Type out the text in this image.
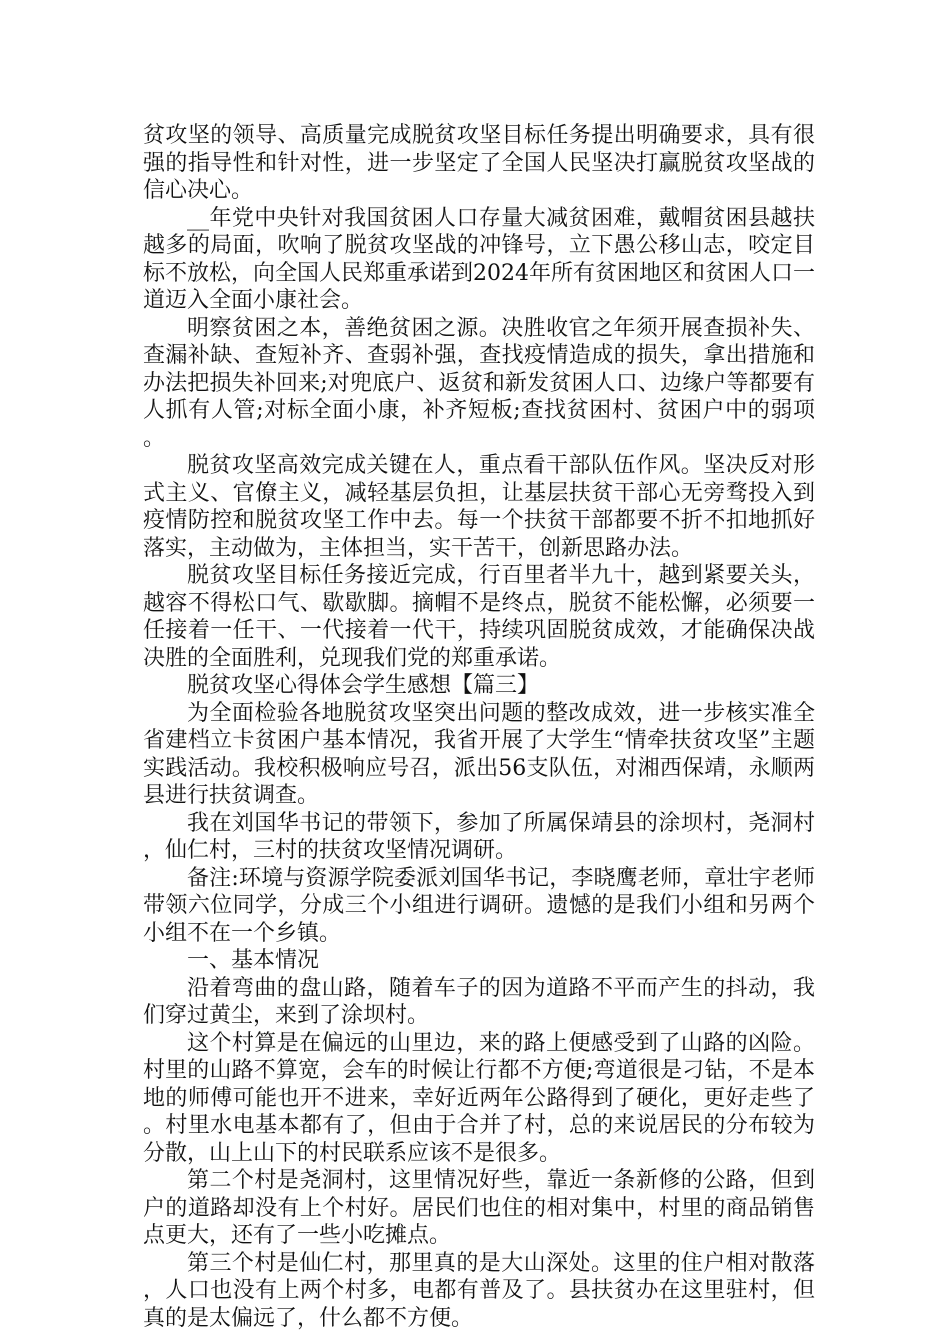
贫攻坚的领导、高质量完成脱贫攻坚目标任务提出明确要求，具有很强的指导性和针对性，进一步坚定了全国人民坚决打赢脱贫攻坚战的信心决心。

__年党中央针对我国贫困人口存量大减贫困难，戴帽贫困县越扶越多的局面，吹响了脱贫攻坚战的冲锋号，立下愚公移山志，咬定目标不放松，向全国人民郑重承诺到2024年所有贫困地区和贫困人口一道迈入全面小康社会。

明察贫困之本，善绝贫困之源。决胜收官之年须开展查损补失、查漏补缺、查短补齐、查弱补强，查找疫情造成的损失，拿出措施和办法把损失补回来;对兜底户、返贫和新发贫困人口、边缘户等都要有人抓有人管;对标全面小康，补齐短板;查找贫困村、贫困户中的弱项。

脱贫攻坚高效完成关键在人，重点看干部队伍作风。坚决反对形式主义、官僚主义，减轻基层负担，让基层扶贫干部心无旁骛投入到疫情防控和脱贫攻坚工作中去。每一个扶贫干部都要不折不扣地抓好落实，主动做为，主体担当，实干苦干，创新思路办法。

脱贫攻坚目标任务接近完成，行百里者半九十，越到紧要关头，越容不得松口气、歇歇脚。摘帽不是终点，脱贫不能松懈，必须要一任接着一任干、一代接着一代干，持续巩固脱贫成效，才能确保决战决胜的全面胜利，兑现我们党的郑重承诺。

脱贫攻坚心得体会学生感想【篇三】

为全面检验各地脱贫攻坚突出问题的整改成效，进一步核实准全省建档立卡贫困户基本情况，我省开展了大学生“情牵扶贫攻坚”主题实践活动。我校积极响应号召，派出56支队伍，对湘西保靖，永顺两县进行扶贫调查。

我在刘国华书记的带领下，参加了所属保靖县的涂坝村，尧洞村，仙仁村，三村的扶贫攻坚情况调研。

备注:环境与资源学院委派刘国华书记，李晓鹰老师，章壮宇老师带领六位同学，分成三个小组进行调研。遗憾的是我们小组和另两个小组不在一个乡镇。

一、基本情况

沿着弯曲的盘山路，随着车子的因为道路不平而产生的抖动，我们穿过黄尘，来到了涂坝村。

这个村算是在偏远的山里边，来的路上便感受到了山路的凶险。村里的山路不算宽，会车的时候让行都不方便;弯道很是刁钻，不是本地的师傅可能也开不进来，幸好近两年公路得到了硬化，更好走些了。村里水电基本都有了，但由于合并了村，总的来说居民的分布较为分散，山上山下的村民联系应该不是很多。

第二个村是尧洞村，这里情况好些，靠近一条新修的公路，但到户的道路却没有上个村好。居民们也住的相对集中，村里的商品销售点更大，还有了一些小吃摊点。

第三个村是仙仁村，那里真的是大山深处。这里的住户相对散落，人口也没有上两个村多，电都有普及了。县扶贫办在这里驻村，但真的是太偏远了，什么都不方便。
